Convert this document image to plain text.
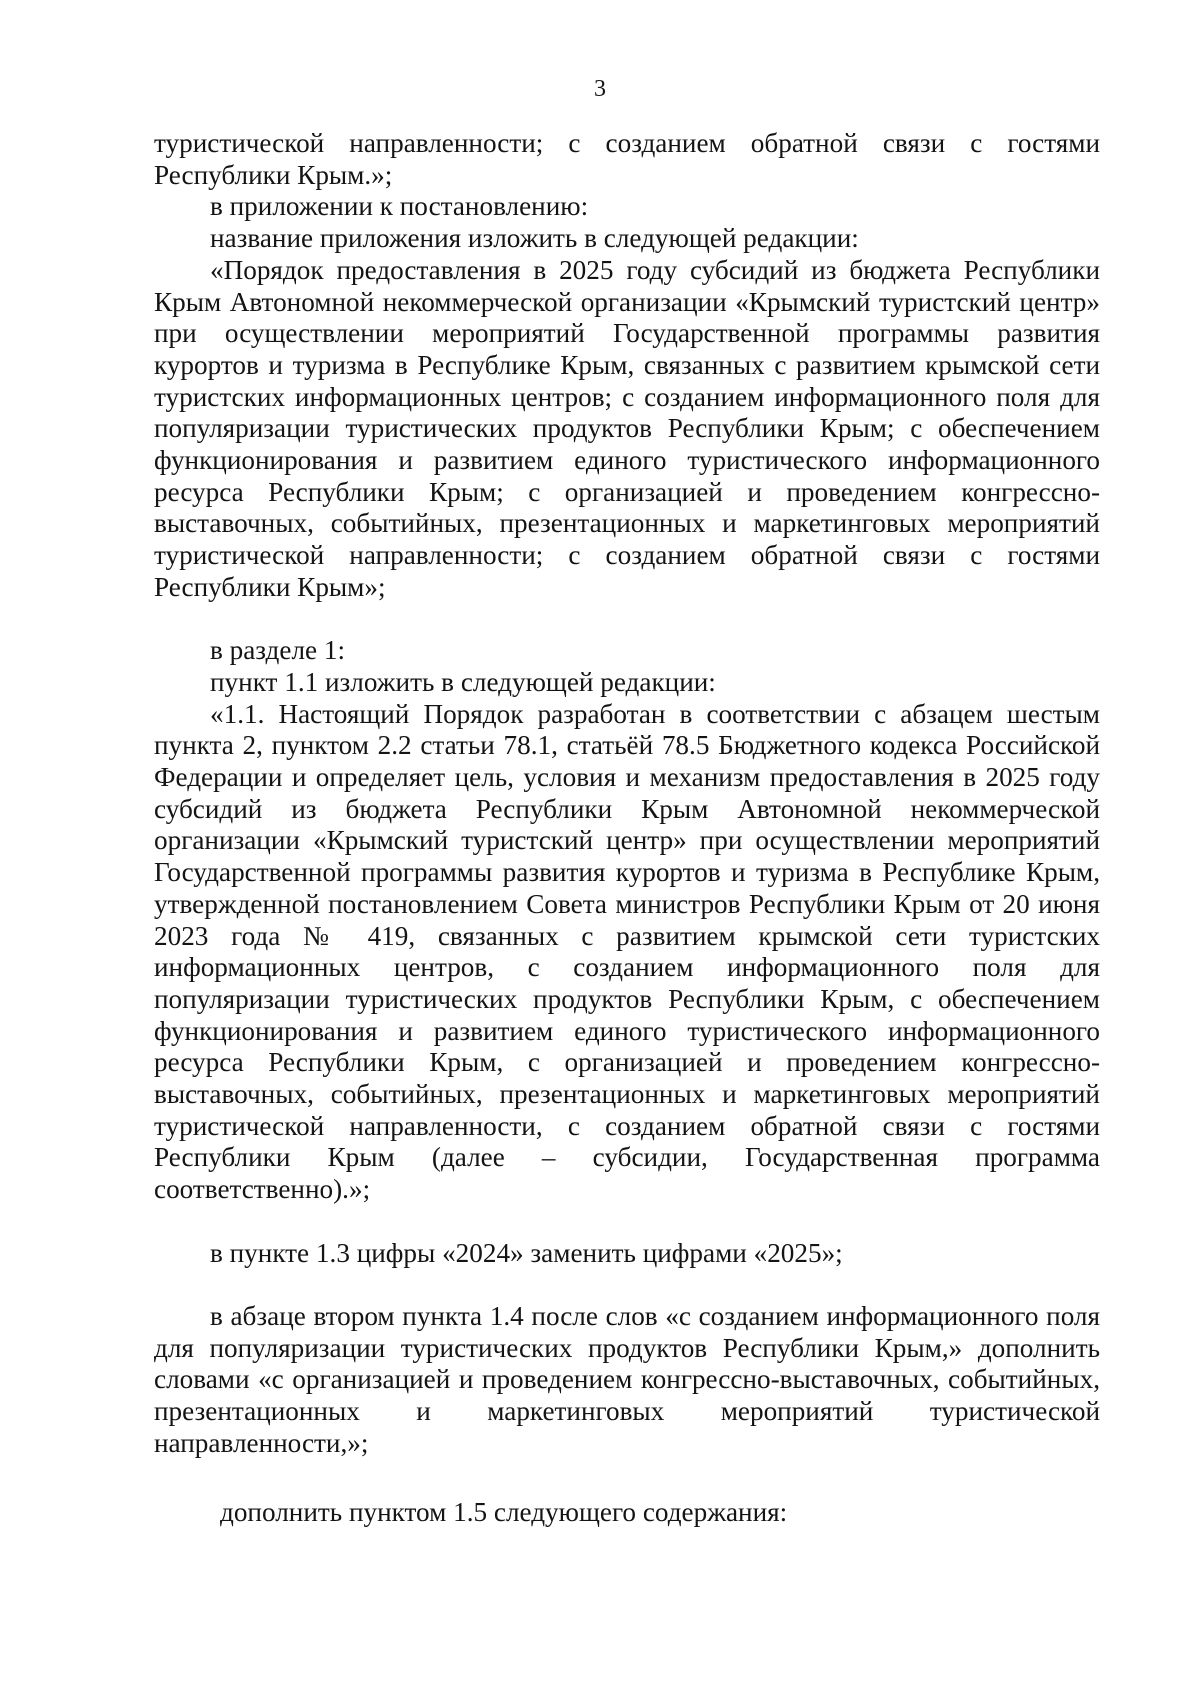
3

туристической направленности; с созданием обратной связи с гостями Республики Крым.»;

в приложении к постановлению:

название приложения изложить в следующей редакции:

«Порядок предоставления в 2025 году субсидий из бюджета Республики Крым Автономной некоммерческой организации «Крымский туристский центр» при осуществлении мероприятий Государственной программы развития курортов и туризма в Республике Крым, связанных с развитием крымской сети туристских информационных центров; с созданием информационного поля для популяризации туристических продуктов Республики Крым; с обеспечением функционирования и развитием единого туристического информационного ресурса Республики Крым; с организацией и проведением конгрессно-выставочных, событийных, презентационных и маркетинговых мероприятий туристической направленности; с созданием обратной связи с гостями Республики Крым»;

в разделе 1:

пункт 1.1 изложить в следующей редакции:

«1.1. Настоящий Порядок разработан в соответствии с абзацем шестым пункта 2, пунктом 2.2 статьи 78.1, статьёй 78.5 Бюджетного кодекса Российской Федерации и определяет цель, условия и механизм предоставления в 2025 году субсидий из бюджета Республики Крым Автономной некоммерческой организации «Крымский туристский центр» при осуществлении мероприятий Государственной программы развития курортов и туризма в Республике Крым, утвержденной постановлением Совета министров Республики Крым от 20 июня 2023 года № 419, связанных с развитием крымской сети туристских информационных центров, с созданием информационного поля для популяризации туристических продуктов Республики Крым, с обеспечением функционирования и развитием единого туристического информационного ресурса Республики Крым, с организацией и проведением конгрессно-выставочных, событийных, презентационных и маркетинговых мероприятий туристической направленности, с созданием обратной связи с гостями Республики Крым (далее – субсидии, Государственная программа соответственно).»;

в пункте 1.3 цифры «2024» заменить цифрами «2025»;

в абзаце втором пункта 1.4 после слов «с созданием информационного поля для популяризации туристических продуктов Республики Крым,» дополнить словами «с организацией и проведением конгрессно-выставочных, событийных, презентационных и маркетинговых мероприятий туристической направленности,»;

дополнить пунктом 1.5 следующего содержания:
